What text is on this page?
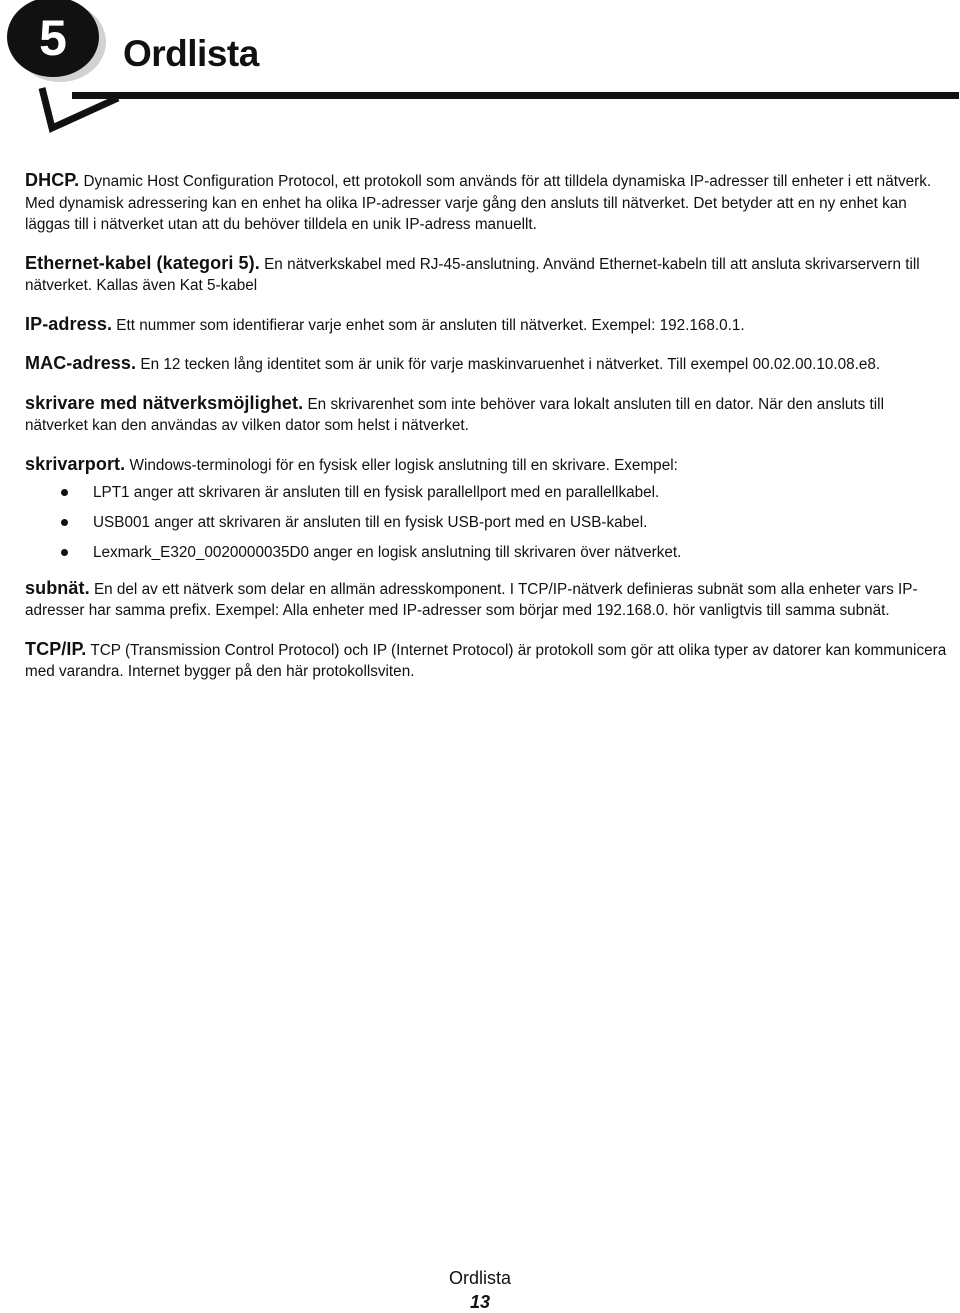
5 Ordlista

DHCP. Dynamic Host Configuration Protocol, ett protokoll som används för att tilldela dynamiska IP-adresser till enheter i ett nätverk. Med dynamisk adressering kan en enhet ha olika IP-adresser varje gång den ansluts till nätverket. Det betyder att en ny enhet kan läggas till i nätverket utan att du behöver tilldela en unik IP-adress manuellt.

Ethernet-kabel (kategori 5). En nätverkskabel med RJ-45-anslutning. Använd Ethernet-kabeln till att ansluta skrivarservern till nätverket. Kallas även Kat 5-kabel

IP-adress. Ett nummer som identifierar varje enhet som är ansluten till nätverket. Exempel: 192.168.0.1.

MAC-adress. En 12 tecken lång identitet som är unik för varje maskinvaruenhet i nätverket. Till exempel 00.02.00.10.08.e8.

skrivare med nätverksmöjlighet. En skrivarenhet som inte behöver vara lokalt ansluten till en dator. När den ansluts till nätverket kan den användas av vilken dator som helst i nätverket.

skrivarport. Windows-terminologi för en fysisk eller logisk anslutning till en skrivare. Exempel:

LPT1 anger att skrivaren är ansluten till en fysisk parallellport med en parallellkabel.
USB001 anger att skrivaren är ansluten till en fysisk USB-port med en USB-kabel.
Lexmark_E320_0020000035D0 anger en logisk anslutning till skrivaren över nätverket.

subnät. En del av ett nätverk som delar en allmän adresskomponent. I TCP/IP-nätverk definieras subnät som alla enheter vars IP-adresser har samma prefix. Exempel: Alla enheter med IP-adresser som börjar med 192.168.0. hör vanligtvis till samma subnät.

TCP/IP. TCP (Transmission Control Protocol) och IP (Internet Protocol) är protokoll som gör att olika typer av datorer kan kommunicera med varandra. Internet bygger på den här protokollsviten.

Ordlista
13
